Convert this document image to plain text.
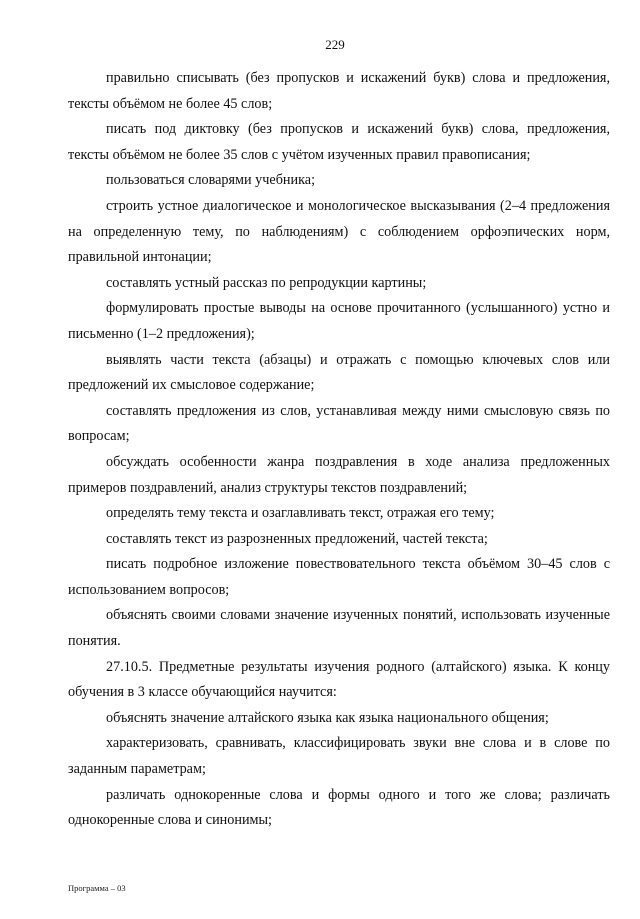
229

правильно списывать (без пропусков и искажений букв) слова и предложения, тексты объёмом не более 45 слов;

писать под диктовку (без пропусков и искажений букв) слова, предложения, тексты объёмом не более 35 слов с учётом изученных правил правописания;

пользоваться словарями учебника;

строить устное диалогическое и монологическое высказывания (2–4 предложения на определенную тему, по наблюдениям) с соблюдением орфоэпических норм, правильной интонации;

составлять устный рассказ по репродукции картины;

формулировать простые выводы на основе прочитанного (услышанного) устно и письменно (1–2 предложения);

выявлять части текста (абзацы) и отражать с помощью ключевых слов или предложений их смысловое содержание;

составлять предложения из слов, устанавливая между ними смысловую связь по вопросам;

обсуждать особенности жанра поздравления в ходе анализа предложенных примеров поздравлений, анализ структуры текстов поздравлений;

определять тему текста и озаглавливать текст, отражая его тему;

составлять текст из разрозненных предложений, частей текста;

писать подробное изложение повествовательного текста объёмом 30–45 слов с использованием вопросов;

объяснять своими словами значение изученных понятий, использовать изученные понятия.

27.10.5. Предметные результаты изучения родного (алтайского) языка. К концу обучения в 3 классе обучающийся научится:

объяснять значение алтайского языка как языка национального общения;

характеризовать, сравнивать, классифицировать звуки вне слова и в слове по заданным параметрам;

различать однокоренные слова и формы одного и того же слова; различать однокоренные слова и синонимы;

Программа – 03
